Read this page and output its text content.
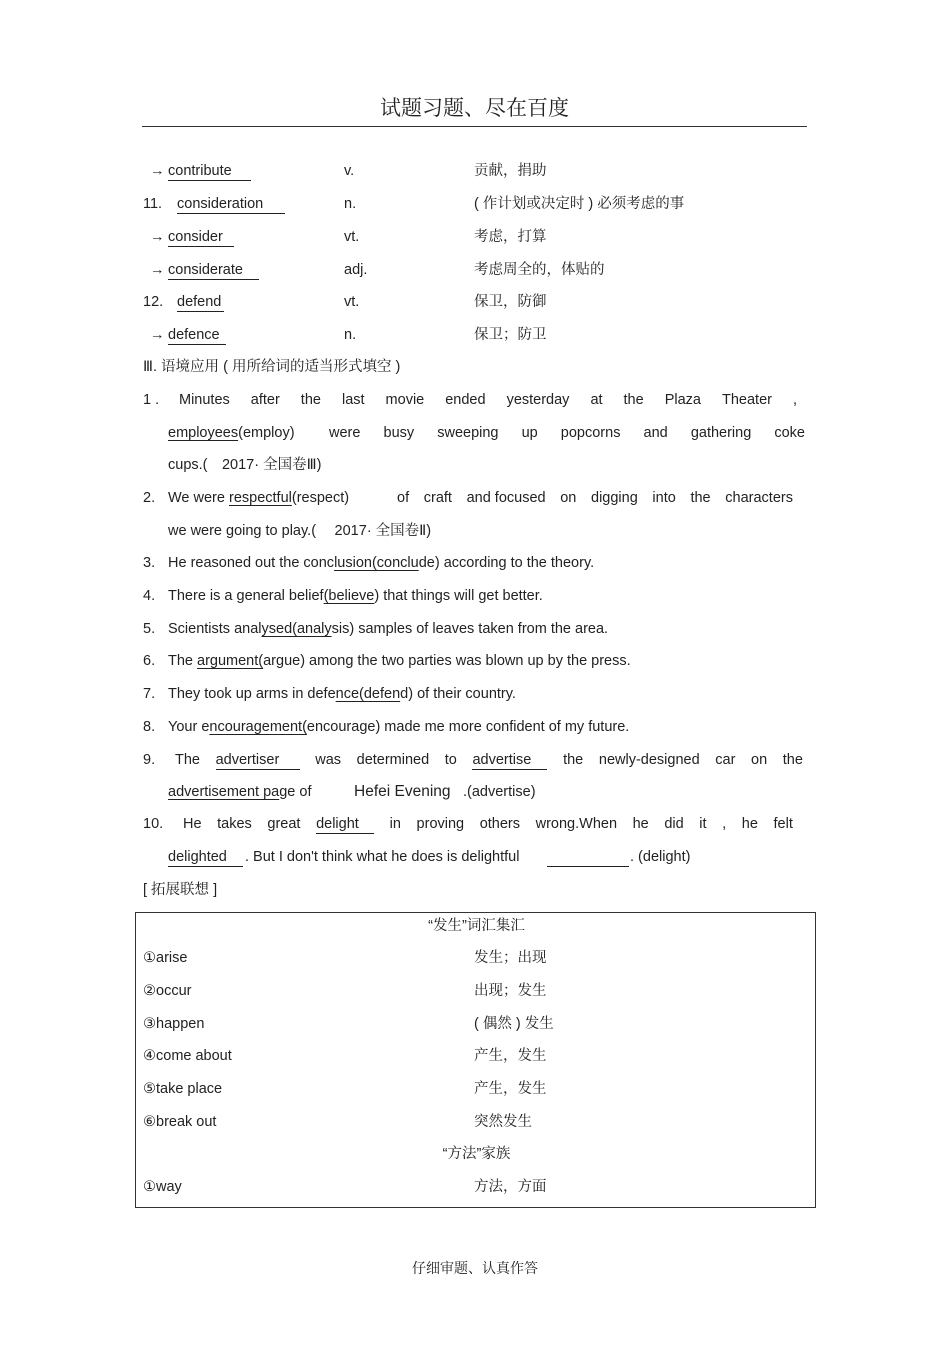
试题习题、尽在百度
→ contribute	v.	贡献，捐助
11. consideration	n.	( 作计划或决定时 ) 必须考虑的事
→ consider	vt.	考虑，打算
→ considerate	adj.	考虑周全的，体贴的
12. defend	vt.	保卫，防御
→ defence	n.	保卫；防卫
Ⅲ. 语境应用 ( 用所给词的适当形式填空 )
1 . Minutes after the last movie ended yesterday at the Plaza Theater ,
employees(employ) were busy sweeping up popcorns and gathering coke
cups.(　2017· 全国卷Ⅲ)
2. We were respectful(respect)	of craft and focused on digging into the characters
we were going to play.(　 2017· 全国卷Ⅱ)
3. He reasoned out the conclusion(conclude) according to the theory.
4. There is a general belief(believe) that things will get better.
5. Scientists analysed(analysis) samples of leaves taken from the area.
6. The argument(argue) among the two parties was blown up by the press.
7. They took up arms in defence(defend) of their country.
8. Your encouragement(encourage) made me more confident of my future.
9. The advertiser	was determined to advertise	the newly-designed car on the
advertisement page of	Hefei Evening .(advertise)
10. He takes great delight	in proving others wrong.When he did it , he felt
delighted	. But I don't think what he does is delightful	. (delight)
[ 拓展联想 ]
“发生”词汇集汇
①arise	发生；出现
②occur	出现；发生
③happen	( 偶然 ) 发生
④come about	产生，发生
⑤take place	产生，发生
⑥break out	突然发生
“方法”家族
①way	方法，方面
仔细审题、认真作答
